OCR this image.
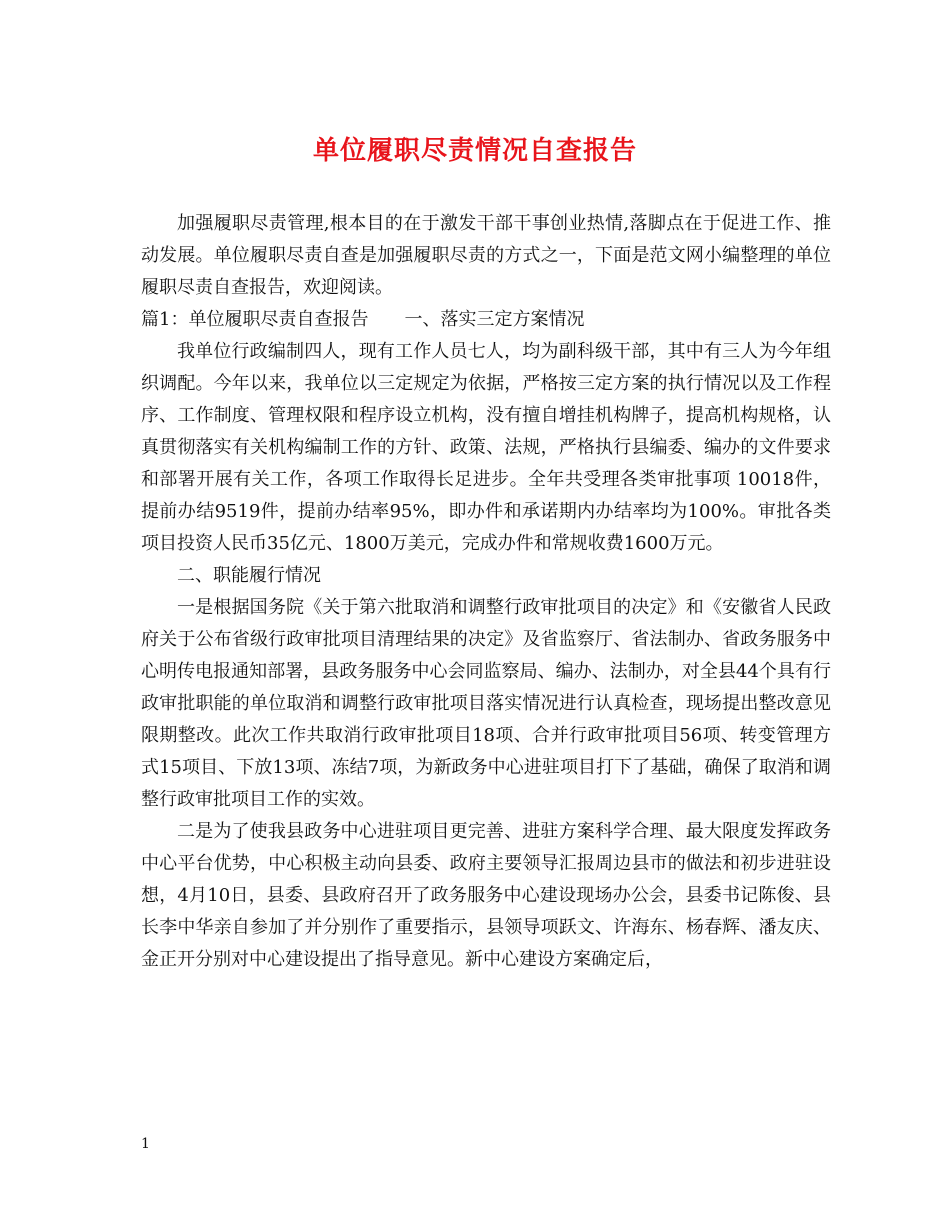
单位履职尽责情况自查报告

加强履职尽责管理,根本目的在于激发干部干事创业热情,落脚点在于促进工作、推动发展。单位履职尽责自查是加强履职尽责的方式之一，下面是范文网小编整理的单位履职尽责自查报告，欢迎阅读。

篇1：单位履职尽责自查报告　　一、落实三定方案情况

我单位行政编制四人，现有工作人员七人，均为副科级干部，其中有三人为今年组织调配。今年以来，我单位以三定规定为依据，严格按三定方案的执行情况以及工作程序、工作制度、管理权限和程序设立机构，没有擅自增挂机构牌子，提高机构规格，认真贯彻落实有关机构编制工作的方针、政策、法规，严格执行县编委、编办的文件要求和部署开展有关工作，各项工作取得长足进步。全年共受理各类审批事项 10018件，提前办结9519件，提前办结率95%，即办件和承诺期内办结率均为100%。审批各类项目投资人民币35亿元、1800万美元，完成办件和常规收费1600万元。

二、职能履行情况

一是根据国务院《关于第六批取消和调整行政审批项目的决定》和《安徽省人民政府关于公布省级行政审批项目清理结果的决定》及省监察厅、省法制办、省政务服务中心明传电报通知部署，县政务服务中心会同监察局、编办、法制办，对全县44个具有行政审批职能的单位取消和调整行政审批项目落实情况进行认真检查，现场提出整改意见限期整改。此次工作共取消行政审批项目18项、合并行政审批项目56项、转变管理方式15项目、下放13项、冻结7项，为新政务中心进驻项目打下了基础，确保了取消和调整行政审批项目工作的实效。

二是为了使我县政务中心进驻项目更完善、进驻方案科学合理、最大限度发挥政务中心平台优势，中心积极主动向县委、政府主要领导汇报周边县市的做法和初步进驻设想，4月10日，县委、县政府召开了政务服务中心建设现场办公会，县委书记陈俊、县长李中华亲自参加了并分别作了重要指示，县领导项跃文、许海东、杨春辉、潘友庆、金正开分别对中心建设提出了指导意见。新中心建设方案确定后，

1
